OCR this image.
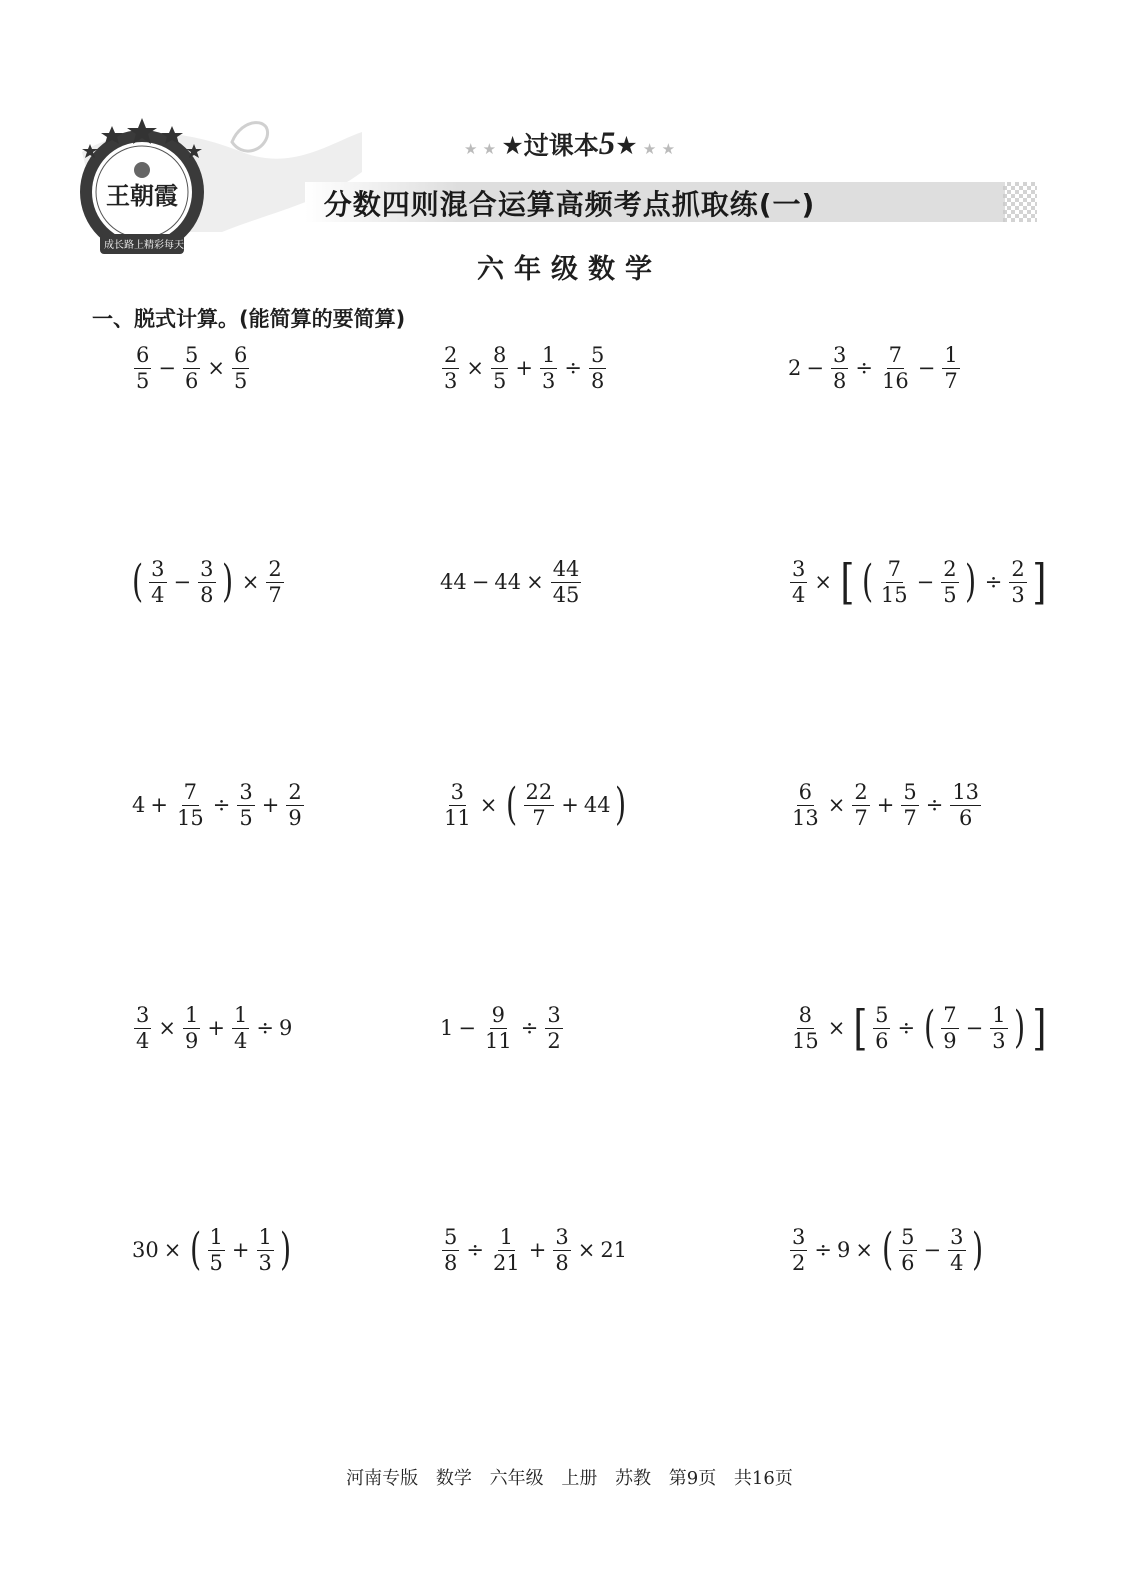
王朝霞
成长路上 精彩每天
★ ★ ★过课本5★ ★ ★
分数四则混合运算高频考点抓取练(一)
六年级数学
一、脱式计算。(能简算的要简算)
$\frac{6}{5} - \frac{5}{6} \times \frac{6}{5}$	$\frac{2}{3} \times \frac{8}{5} + \frac{1}{3} \div \frac{5}{8}$	$2 - \frac{3}{8} \div \frac{7}{16} - \frac{1}{7}$
( $\frac{3}{4} - \frac{3}{8}$ ) × $\frac{2}{7}$	$44 - 44 \times \frac{44}{45}$	$\frac{3}{4}$ × [ ( $\frac{7}{15} - \frac{2}{5}$ ) ÷ $\frac{2}{3}$ ]
$4 + \frac{7}{15} \div \frac{3}{5} + \frac{2}{9}$	$\frac{3}{11}$ × ( $\frac{22}{7} + 44$ )	$\frac{6}{13} \times \frac{2}{7} + \frac{5}{7} \div \frac{13}{6}$
$\frac{3}{4} \times \frac{1}{9} + \frac{1}{4} \div 9$	$1 - \frac{9}{11} \div \frac{3}{2}$	$\frac{8}{15}$ × [ $\frac{5}{6}$ ÷ ( $\frac{7}{9} - \frac{1}{3}$ ) ]
30 × ( $\frac{1}{5} + \frac{1}{3}$ )	$\frac{5}{8} \div \frac{1}{21} + \frac{3}{8} \times 21$	$\frac{3}{2} \div 9$ × ( $\frac{5}{6} - \frac{3}{4}$ )
河南专版 数学 六年级 上册 苏教 第9页 共16页
